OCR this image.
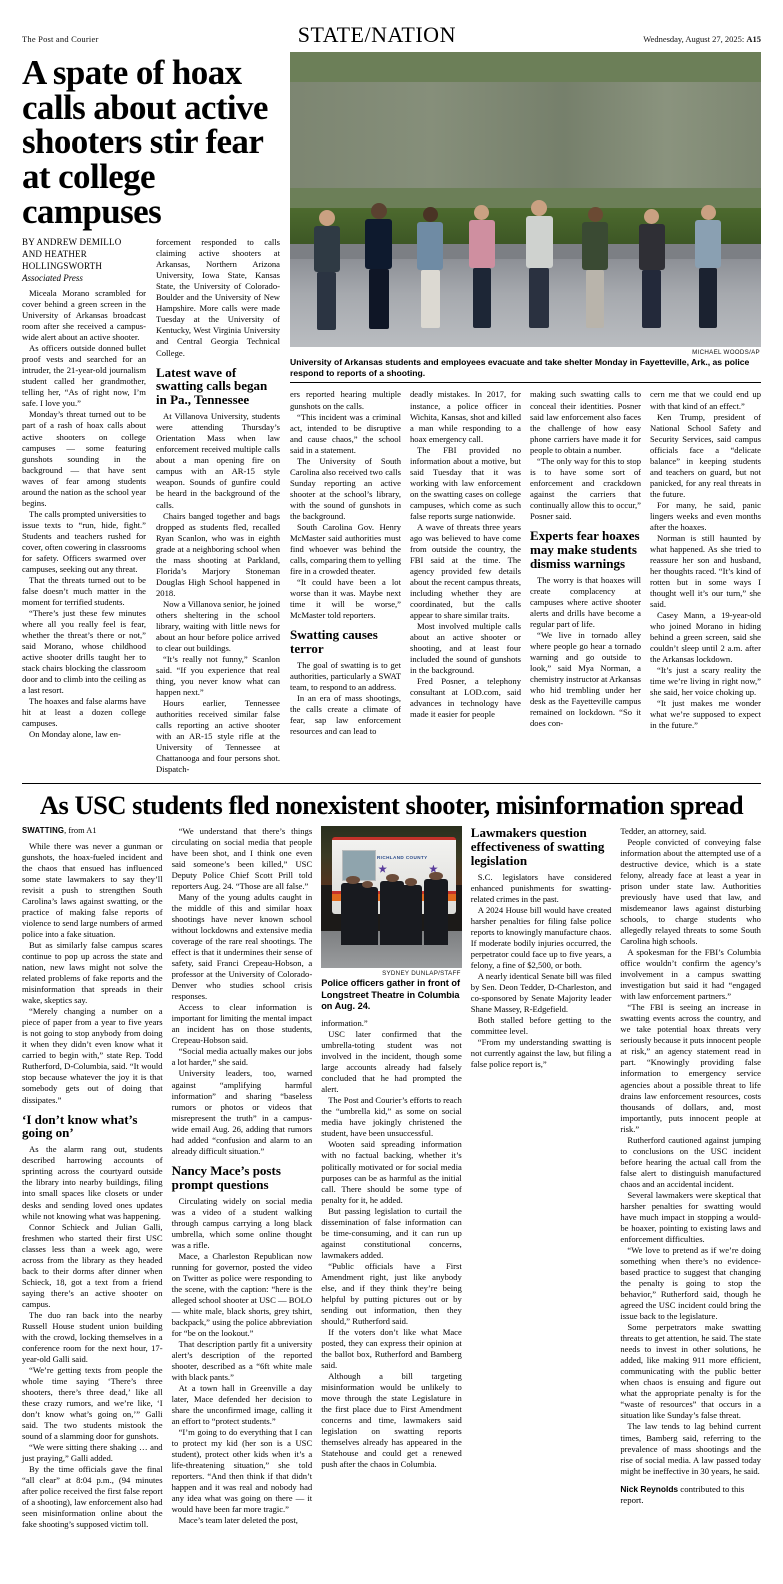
The Post and Courier	STATE/NATION	Wednesday, August 27, 2025: A15
A spate of hoax calls about active shooters stir fear at college campuses
BY ANDREW DEMILLO
AND HEATHER
HOLLINGSWORTH
Associated Press

Miceala Morano scrambled for cover behind a green screen in the University of Arkansas broadcast room after she received a campus-wide alert about an active shooter.

As officers outside donned bullet proof vests and searched for an intruder, the 21-year-old journalism student called her grandmother, telling her, “As of right now, I’m safe. I love you.”

Monday’s threat turned out to be part of a rash of hoax calls about active shooters on college campuses — some featuring gunshots sounding in the background — that have sent waves of fear among students around the nation as the school year begins.

The calls prompted universities to issue texts to “run, hide, fight.” Students and teachers rushed for cover, often cowering in classrooms for safety. Officers swarmed over campuses, seeking out any threat.

That the threats turned out to be false doesn’t much matter in the moment for terrified students.

“There’s just these few minutes where all you really feel is fear, whether the threat’s there or not,” said Morano, whose childhood active shooter drills taught her to stack chairs blocking the classroom door and to climb into the ceiling as a last resort.

The hoaxes and false alarms have hit at least a dozen college campuses.

On Monday alone, law en-

forcement responded to calls claiming active shooters at Arkansas, Northern Arizona University, Iowa State, Kansas State, the University of Colorado-Boulder and the University of New Hampshire. More calls were made Tuesday at the University of Kentucky, West Virginia University and Central Georgia Technical College.

Latest wave of swatting calls began in Pa., Tennessee

At Villanova University, students were attending Thursday’s Orientation Mass when law enforcement received multiple calls about a man opening fire on campus with an AR-15 style weapon. Sounds of gunfire could be heard in the background of the calls.

Chairs banged together and bags dropped as students fled, recalled Ryan Scanlon, who was in eighth grade at a neighboring school when the mass shooting at Parkland, Florida’s Marjory Stoneman Douglas High School happened in 2018.

Now a Villanova senior, he joined others sheltering in the school library, waiting with little news for about an hour before police arrived to clear out buildings.

“It’s really not funny,” Scanlon said. “If you experience that real thing, you never know what can happen next.”

Hours earlier, Tennessee authorities received similar false calls reporting an active shooter with an AR-15 style rifle at the University of Tennessee at Chattanooga and four persons shot. Dispatch-

MICHAEL WOODS/AP
University of Arkansas students and employees evacuate and take shelter Monday in Fayetteville, Ark., as police respond to reports of a shooting.

ers reported hearing multiple gunshots on the calls.

“This incident was a criminal act, intended to be disruptive and cause chaos,” the school said in a statement.

The University of South Carolina also received two calls Sunday reporting an active shooter at the school’s library, with the sound of gunshots in the background.

South Carolina Gov. Henry McMaster said authorities must find whoever was behind the calls, comparing them to yelling fire in a crowded theater.

“It could have been a lot worse than it was. Maybe next time it will be worse,” McMaster told reporters.

Swatting causes terror

The goal of swatting is to get authorities, particularly a SWAT team, to respond to an address.

In an era of mass shootings, the calls create a climate of fear, sap law enforcement resources and can lead to

deadly mistakes. In 2017, for instance, a police officer in Wichita, Kansas, shot and killed a man while responding to a hoax emergency call.

The FBI provided no information about a motive, but said Tuesday that it was working with law enforcement on the swatting cases on college campuses, which come as such false reports surge nationwide.

A wave of threats three years ago was believed to have come from outside the country, the FBI said at the time. The agency provided few details about the recent campus threats, including whether they are coordinated, but the calls appear to share similar traits.

Most involved multiple calls about an active shooter or shooting, and at least four included the sound of gunshots in the background.

Fred Posner, a telephony consultant at LOD.com, said advances in technology have made it easier for people

making such swatting calls to conceal their identities. Posner said law enforcement also faces the challenge of how easy phone carriers have made it for people to obtain a number.

“The only way for this to stop is to have some sort of enforcement and crackdown against the carriers that continually allow this to occur,” Posner said.

Experts fear hoaxes may make students dismiss warnings

The worry is that hoaxes will create complacency at campuses where active shooter alerts and drills have become a regular part of life.

“We live in tornado alley where people go hear a tornado warning and go outside to look,” said Mya Norman, a chemistry instructor at Arkansas who hid trembling under her desk as the Fayetteville campus remained on lockdown. “So it does con-

cern me that we could end up with that kind of an effect.”

Ken Trump, president of National School Safety and Security Services, said campus officials face a “delicate balance” in keeping students and teachers on guard, but not panicked, for any real threats in the future.

For many, he said, panic lingers weeks and even months after the hoaxes.

Norman is still haunted by what happened. As she tried to reassure her son and husband, her thoughts raced. “It’s kind of rotten but in some ways I thought well it’s our turn,” she said.

Casey Mann, a 19-year-old who joined Morano in hiding behind a green screen, said she couldn’t sleep until 2 a.m. after the Arkansas lockdown.

“It’s just a scary reality the time we’re living in right now,” she said, her voice choking up.

“It just makes me wonder what we’re supposed to expect in the future.”

As USC students fled nonexistent shooter, misinformation spread
SWATTING, from A1

While there was never a gunman or gunshots, the hoax-fueled incident and the chaos that ensued has influenced some state lawmakers to say they’ll revisit a push to strengthen South Carolina’s laws against swatting, or the practice of making false reports of violence to send large numbers of armed police into a fake situation.

But as similarly false campus scares continue to pop up across the state and nation, new laws might not solve the related problems of fake reports and the misinformation that spreads in their wake, skeptics say.

“Merely changing a number on a piece of paper from a year to five years is not going to stop anybody from doing it when they didn’t even know what it carried to begin with,” state Rep. Todd Rutherford, D-Columbia, said. “It would stop because whatever the joy it is that somebody gets out of doing that dissipates.”

‘I don’t know what’s going on’

As the alarm rang out, students described harrowing accounts of sprinting across the courtyard outside the library into nearby buildings, filing into small spaces like closets or under desks and sending loved ones updates while not knowing what was happening.

Connor Schieck and Julian Galli, freshmen who started their first USC classes less than a week ago, were across from the library as they headed back to their dorms after dinner when Schieck, 18, got a text from a friend saying there’s an active shooter on campus.

The duo ran back into the nearby Russell House student union building with the crowd, locking themselves in a conference room for the next hour, 17-year-old Galli said.

“We’re getting texts from people the whole time saying ‘There’s three shooters, there’s three dead,’ like all these crazy rumors, and we’re like, ‘I don’t know what’s going on,’” Galli said. The two students mistook the sound of a slamming door for gunshots.

“We were sitting there shaking … and just praying,” Galli added.

By the time officials gave the final “all clear” at 8:04 p.m., (94 minutes after police received the first false report of a shooting), law enforcement also had seen misinformation online about the fake shooting’s supposed victim toll.

“We understand that there’s things circulating on social media that people have been shot, and I think one even said someone’s been killed,” USC Deputy Police Chief Scott Prill told reporters Aug. 24. “Those are all false.”

Many of the young adults caught in the middle of this and similar hoax shootings have never known school without lockdowns and extensive media coverage of the rare real shootings. The effect is that it undermines their sense of safety, said Franci Crepeau-Hobson, a professor at the University of Colorado-Denver who studies school crisis responses.

Access to clear information is important for limiting the mental impact an incident has on those students, Crepeau-Hobson said.

“Social media actually makes our jobs a lot harder,” she said.

University leaders, too, warned against “amplifying harmful information” and sharing “baseless rumors or photos or videos that misrepresent the truth” in a campus-wide email Aug. 26, adding that rumors had added “confusion and alarm to an already difficult situation.”

Nancy Mace’s posts prompt questions

Circulating widely on social media was a video of a student walking through campus carrying a long black umbrella, which some online thought was a rifle.

Mace, a Charleston Republican now running for governor, posted the video on Twitter as police were responding to the scene, with the caption: “here is the alleged school shooter at USC — BOLO — white male, black shorts, grey tshirt, backpack,” using the police abbreviation for “be on the lookout.”

That description partly fit a university alert’s description of the reported shooter, described as a “6ft white male with black pants.”

At a town hall in Greenville a day later, Mace defended her decision to share the unconfirmed image, calling it an effort to “protect students.”

“I’m going to do everything that I can to protect my kid (her son is a USC student), protect other kids when it’s a life-threatening situation,” she told reporters. “And then think if that didn’t happen and it was real and nobody had any idea what was going on there — it would have been far more tragic.”

Mace’s team later deleted the post,

RICHLAND COUNTY
SYDNEY DUNLAP/STAFF
Police officers gather in front of Longstreet Theatre in Columbia on Aug. 24.

information.”

USC later confirmed that the umbrella-toting student was not involved in the incident, though some large accounts already had falsely concluded that he had prompted the alert.

The Post and Courier’s efforts to reach the “umbrella kid,” as some on social media have jokingly christened the student, have been unsuccessful.

Wooten said spreading information with no factual backing, whether it’s politically motivated or for social media purposes can be as harmful as the initial call. There should be some type of penalty for it, he added.

But passing legislation to curtail the dissemination of false information can be time-consuming, and it can run up against constitutional concerns, lawmakers added.

“Public officials have a First Amendment right, just like anybody else, and if they think they’re being helpful by putting pictures out or by sending out information, then they should,” Rutherford said.

If the voters don’t like what Mace posted, they can express their opinion at the ballot box, Rutherford and Bamberg said.

Although a bill targeting misinformation would be unlikely to move through the state Legislature in the first place due to First Amendment concerns and time, lawmakers said legislation on swatting reports themselves already has appeared in the Statehouse and could get a renewed push after the chaos in Columbia.

Lawmakers question effectiveness of swatting legislation

S.C. legislators have considered enhanced punishments for swatting-related crimes in the past.

A 2024 House bill would have created harsher penalties for filing false police reports to knowingly manufacture chaos. If moderate bodily injuries occurred, the perpetrator could face up to five years, a felony, a fine of $2,500, or both.

A nearly identical Senate bill was filed by Sen. Deon Tedder, D-Charleston, and co-sponsored by Senate Majority leader Shane Massey, R-Edgefield.

Both stalled before getting to the committee level.

“From my understanding swatting is not currently against the law, but filing a false police report is,”

Tedder, an attorney, said.

People convicted of conveying false information about the attempted use of a destructive device, which is a state felony, already face at least a year in prison under state law. Authorities previously have used that law, and misdemeanor laws against disturbing schools, to charge students who allegedly relayed threats to some South Carolina high schools.

A spokesman for the FBI’s Columbia office wouldn’t confirm the agency’s involvement in a campus swatting investigation but said it had “engaged with law enforcement partners.”

“The FBI is seeing an increase in swatting events across the country, and we take potential hoax threats very seriously because it puts innocent people at risk,” an agency statement read in part. “Knowingly providing false information to emergency service agencies about a possible threat to life drains law enforcement resources, costs thousands of dollars, and, most importantly, puts innocent people at risk.”

Rutherford cautioned against jumping to conclusions on the USC incident before hearing the actual call from the false alert to distinguish manufactured chaos and an accidental incident.

Several lawmakers were skeptical that harsher penalties for swatting would have much impact in stopping a would-be hoaxer, pointing to existing laws and enforcement difficulties.

“We love to pretend as if we’re doing something when there’s no evidence-based practice to suggest that changing the penalty is going to stop the behavior,” Rutherford said, though he agreed the USC incident could bring the issue back to the legislature.

Some perpetrators make swatting threats to get attention, he said. The state needs to invest in other solutions, he added, like making 911 more efficient, communicating with the public better when chaos is ensuing and figure out what the appropriate penalty is for the “waste of resources” that occurs in a situation like Sunday’s false threat.

The law tends to lag behind current times, Bamberg said, referring to the prevalence of mass shootings and the rise of social media. A law passed today might be ineffective in 30 years, he said.

Nick Reynolds contributed to this report.
